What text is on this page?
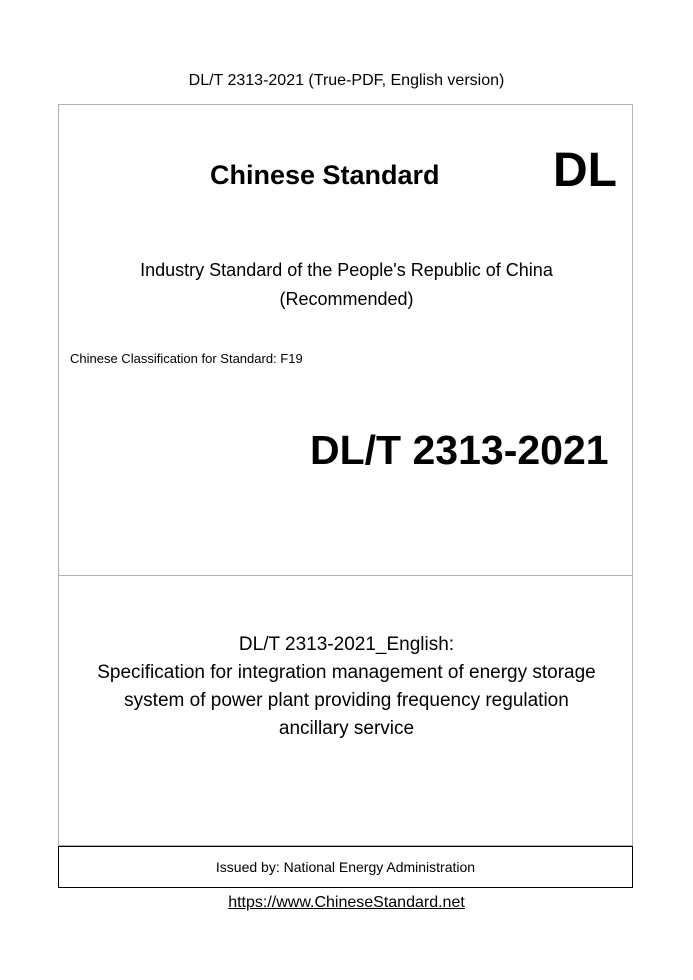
DL/T 2313-2021 (True-PDF, English version)
Chinese Standard DL
Industry Standard of the People's Republic of China
(Recommended)
Chinese Classification for Standard: F19
DL/T 2313-2021
DL/T 2313-2021_English:
Specification for integration management of energy storage
system of power plant providing frequency regulation
ancillary service
Issued by: National Energy Administration
https://www.ChineseStandard.net
